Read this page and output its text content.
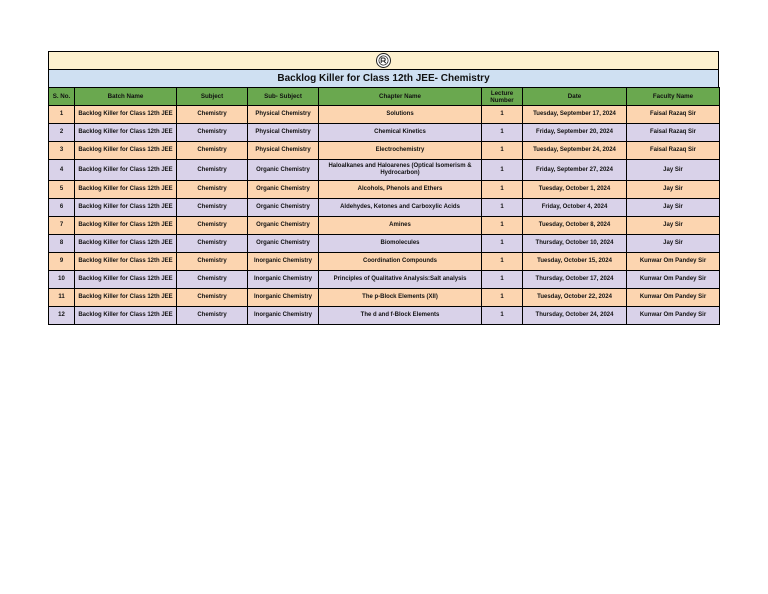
Backlog Killer for Class 12th JEE- Chemistry
S. No.	Batch Name	Subject	Sub- Subject	Chapter Name	Lecture Number	Date	Faculty Name
1	Backlog Killer for Class 12th JEE	Chemistry	Physical Chemistry	Solutions	1	Tuesday, September 17, 2024	Faisal Razaq Sir
2	Backlog Killer for Class 12th JEE	Chemistry	Physical Chemistry	Chemical Kinetics	1	Friday, September 20, 2024	Faisal Razaq Sir
3	Backlog Killer for Class 12th JEE	Chemistry	Physical Chemistry	Electrochemistry	1	Tuesday, September 24, 2024	Faisal Razaq Sir
4	Backlog Killer for Class 12th JEE	Chemistry	Organic Chemistry	Haloalkanes and Haloarenes (Optical Isomerism & Hydrocarbon)	1	Friday, September 27, 2024	Jay Sir
5	Backlog Killer for Class 12th JEE	Chemistry	Organic Chemistry	Alcohols, Phenols and Ethers	1	Tuesday, October 1, 2024	Jay Sir
6	Backlog Killer for Class 12th JEE	Chemistry	Organic Chemistry	Aldehydes, Ketones and Carboxylic Acids	1	Friday, October 4, 2024	Jay Sir
7	Backlog Killer for Class 12th JEE	Chemistry	Organic Chemistry	Amines	1	Tuesday, October 8, 2024	Jay Sir
8	Backlog Killer for Class 12th JEE	Chemistry	Organic Chemistry	Biomolecules	1	Thursday, October 10, 2024	Jay Sir
9	Backlog Killer for Class 12th JEE	Chemistry	Inorganic Chemistry	Coordination Compounds	1	Tuesday, October 15, 2024	Kunwar Om Pandey Sir
10	Backlog Killer for Class 12th JEE	Chemistry	Inorganic Chemistry	Principles of Qualitative Analysis:Salt analysis	1	Thursday, October 17, 2024	Kunwar Om Pandey Sir
11	Backlog Killer for Class 12th JEE	Chemistry	Inorganic Chemistry	The p-Block Elements (XII)	1	Tuesday, October 22, 2024	Kunwar Om Pandey Sir
12	Backlog Killer for Class 12th JEE	Chemistry	Inorganic Chemistry	The d and f-Block Elements	1	Thursday, October 24, 2024	Kunwar Om Pandey Sir
